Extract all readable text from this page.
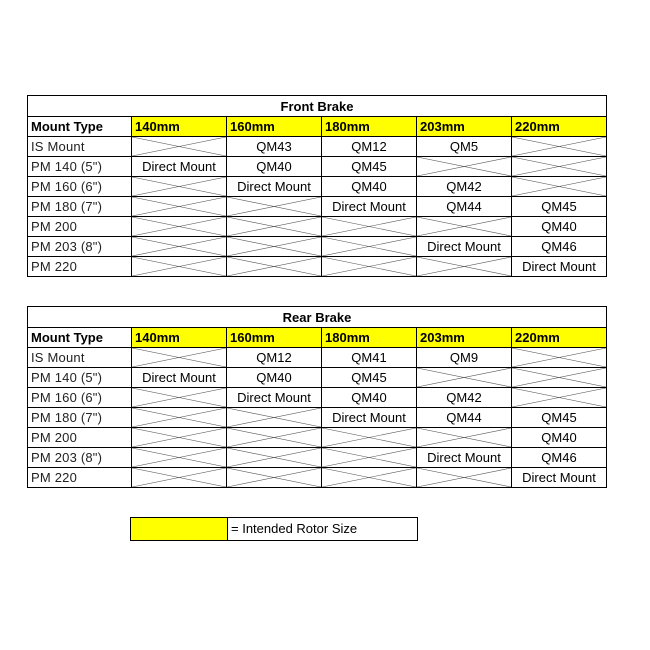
Front Brake					
Mount Type	140mm	160mm	180mm	203mm	220mm
IS Mount		QM43	QM12	QM5	

PM 140 (5")	Direct Mount	QM40	QM45	

PM 160 (6")		Direct Mount	QM40	QM42	

PM 180 (7")			Direct Mount	QM44	QM45
PM 200					QM40
PM 203 (8")				Direct Mount	QM46
PM 220					Direct Mount
Rear Brake					
Mount Type	140mm	160mm	180mm	203mm	220mm
IS Mount		QM12	QM41	QM9	

PM 140 (5")	Direct Mount	QM40	QM45	

PM 160 (6")		Direct Mount	QM40	QM42	

PM 180 (7")			Direct Mount	QM44	QM45
PM 200					QM40
PM 203 (8")				Direct Mount	QM46
PM 220					Direct Mount
= Intended Rotor Size
